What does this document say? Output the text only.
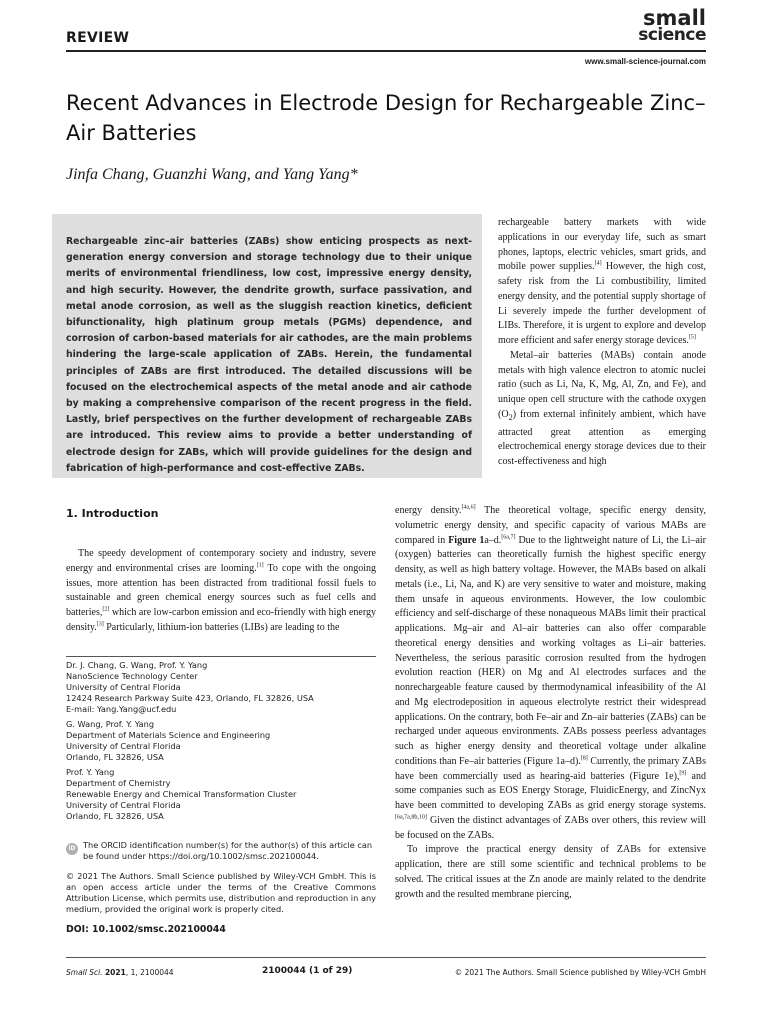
REVIEW
small
science
www.small-science-journal.com
Recent Advances in Electrode Design for Rechargeable Zinc–Air Batteries

Jinfa Chang, Guanzhi Wang, and Yang Yang*

Rechargeable zinc–air batteries (ZABs) show enticing prospects as next-generation energy conversion and storage technology due to their unique merits of environmental friendliness, low cost, impressive energy density, and high security. However, the dendrite growth, surface passivation, and metal anode corrosion, as well as the sluggish reaction kinetics, deficient bifunctionality, high platinum group metals (PGMs) dependence, and corrosion of carbon-based materials for air cathodes, are the main problems hindering the large-scale application of ZABs. Herein, the fundamental principles of ZABs are first introduced. The detailed discussions will be focused on the electrochemical aspects of the metal anode and air cathode by making a comprehensive comparison of the recent progress in the field. Lastly, brief perspectives on the further development of rechargeable ZABs are introduced. This review aims to provide a better understanding of electrode design for ZABs, which will provide guidelines for the design and fabrication of high-performance and cost-effective ZABs.

rechargeable battery markets with wide applications in our everyday life, such as smart phones, laptops, electric vehicles, smart grids, and mobile power supplies.[4] However, the high cost, safety risk from the Li combustibility, limited energy density, and the potential supply shortage of Li severely impede the further development of LIBs. Therefore, it is urgent to explore and develop more efficient and safer energy storage devices.[5]

Metal–air batteries (MABs) contain anode metals with high valence electron to atomic nuclei ratio (such as Li, Na, K, Mg, Al, Zn, and Fe), and unique open cell structure with the cathode oxygen $(O_2)$ from external infinitely ambient, which have attracted great attention as emerging electrochemical energy storage devices due to their cost-effectiveness and high

1. Introduction

The speedy development of contemporary society and industry, severe energy and environmental crises are looming.[1] To cope with the ongoing issues, more attention has been distracted from traditional fossil fuels to sustainable and green chemical energy sources such as fuel cells and batteries,[2] which are low-carbon emission and eco-friendly with high energy density.[3] Particularly, lithium-ion batteries (LIBs) are leading to the

energy density.[4a,6] The theoretical voltage, specific energy density, volumetric energy density, and specific capacity of various MABs are compared in Figure 1a–d.[6a,7] Due to the lightweight nature of Li, the Li–air (oxygen) batteries can theoretically furnish the highest specific energy density, as well as high battery voltage. However, the MABs based on alkali metals (i.e., Li, Na, and K) are very sensitive to water and moisture, making them unsafe in aqueous environments. However, the low coulombic efficiency and self-discharge of these nonaqueous MABs limit their practical applications. Mg–air and Al–air batteries can also offer comparable theoretical energy densities and working voltages as Li–air batteries. Nevertheless, the serious parasitic corrosion resulted from the hydrogen evolution reaction (HER) on Mg and Al electrodes surfaces and the nonrechargeable feature caused by thermodynamical infeasibility of the Al and Mg electrodeposition in aqueous electrolyte restrict their widespread applications. On the contrary, both Fe–air and Zn–air batteries (ZABs) can be recharged under aqueous environments. ZABs possess peerless advantages such as higher energy density and theoretical voltage under alkaline conditions than Fe–air batteries (Figure 1a–d).[8] Currently, the primary ZABs have been commercially used as hearing-aid batteries (Figure 1e),[9] and some companies such as EOS Energy Storage, FluidicEnergy, and ZincNyx have been committed to developing ZABs as grid energy storage systems.[6a,7a,8b,10] Given the distinct advantages of ZABs over others, this review will be focused on the ZABs.

To improve the practical energy density of ZABs for extensive application, there are still some scientific and technical problems to be solved. The critical issues at the Zn anode are mainly related to the dendrite growth and the resulted membrane piercing,

Dr. J. Chang, G. Wang, Prof. Y. Yang
NanoScience Technology Center
University of Central Florida
12424 Research Parkway Suite 423, Orlando, FL 32826, USA
E-mail: Yang.Yang@ucf.edu
G. Wang, Prof. Y. Yang
Department of Materials Science and Engineering
University of Central Florida
Orlando, FL 32826, USA
Prof. Y. Yang
Department of Chemistry
Renewable Energy and Chemical Transformation Cluster
University of Central Florida
Orlando, FL 32826, USA
iD The ORCID identification number(s) for the author(s) of this article can be found under https://doi.org/10.1002/smsc.202100044.

© 2021 The Authors. Small Science published by Wiley-VCH GmbH. This is an open access article under the terms of the Creative Commons Attribution License, which permits use, distribution and reproduction in any medium, provided the original work is properly cited.

DOI: 10.1002/smsc.202100044

Small Sci. 2021, 1, 2100044	2100044 (1 of 29)	© 2021 The Authors. Small Science published by Wiley-VCH GmbH
